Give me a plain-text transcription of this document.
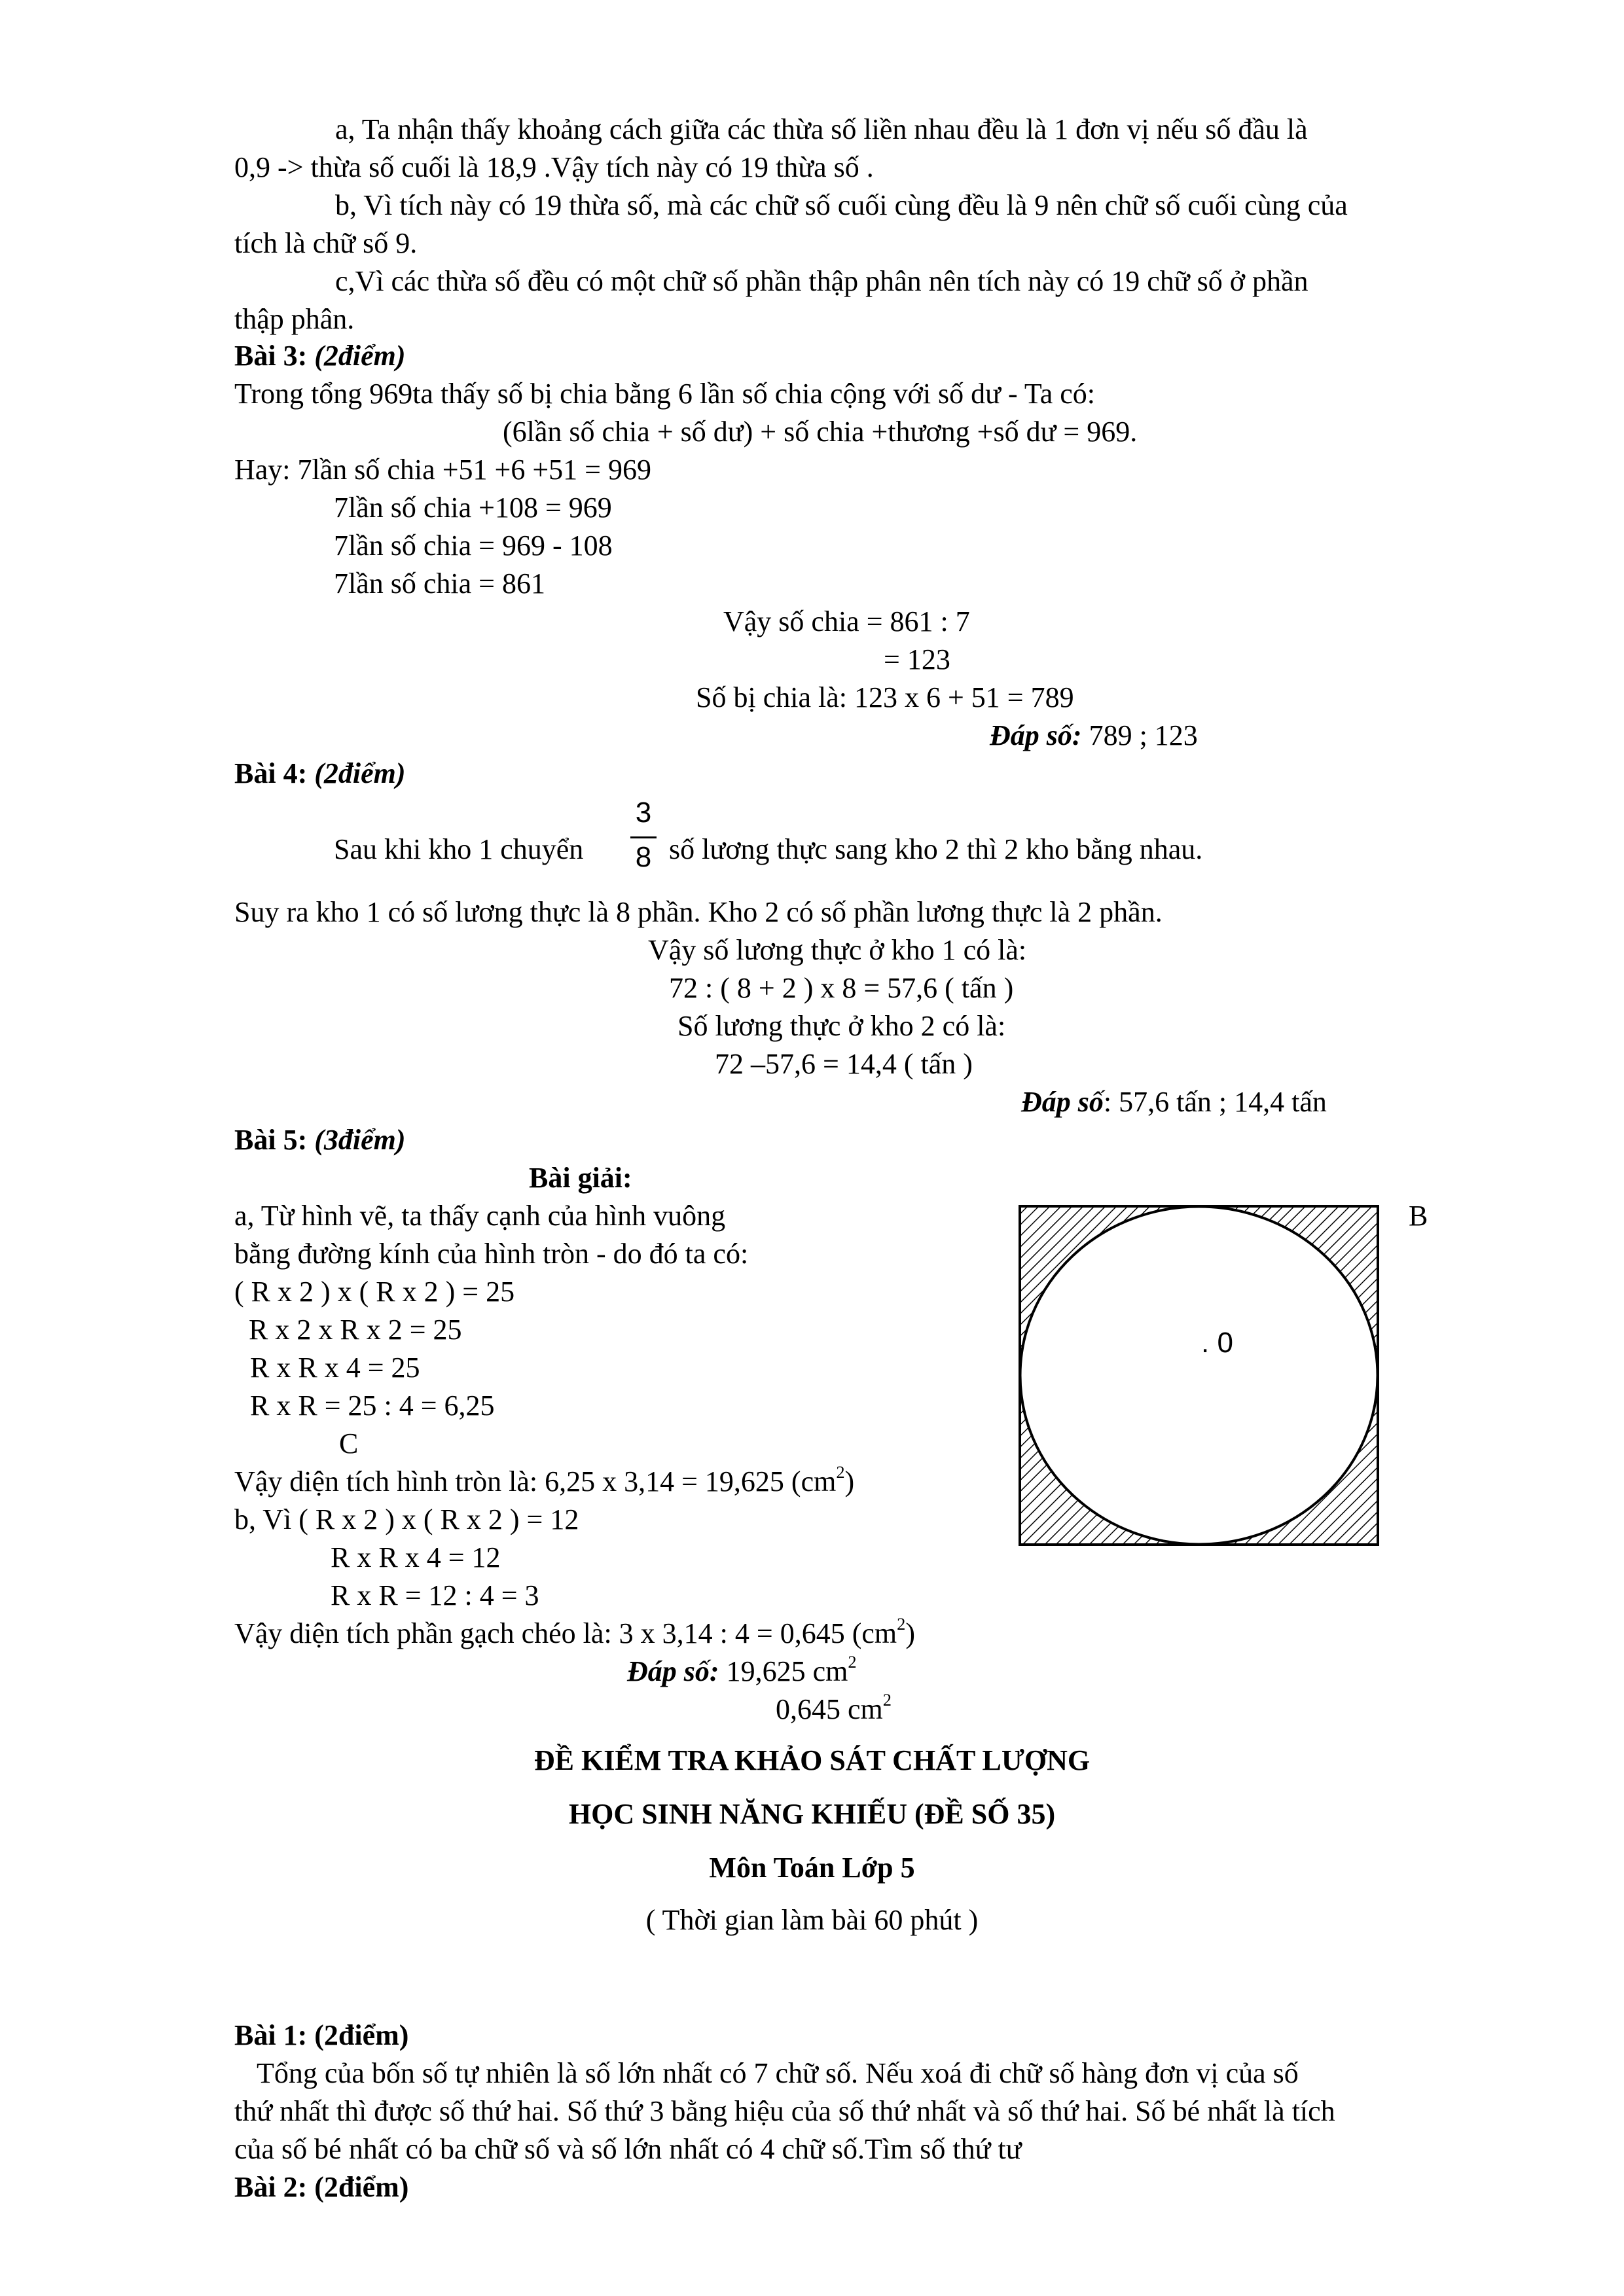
a, Ta nhận thấy khoảng cách giữa các thừa số liền nhau đều là 1 đơn vị nếu số đầu là
0,9 -> thừa số cuối là 18,9 .Vậy tích này có 19 thừa số .
b, Vì tích này có 19 thừa số, mà các chữ số cuối cùng đều là 9 nên chữ số cuối cùng của
tích là chữ số 9.
c,Vì các thừa số đều có một chữ số phần thập phân nên tích này có 19 chữ số ở phần
thập phân.
Bài 3: (2điểm)
Trong tổng 969ta thấy số bị chia bằng 6 lần số chia cộng với số dư - Ta có:
(6lần số chia + số dư) + số chia +thương +số dư = 969.
Hay: 7lần số chia +51 +6 +51 = 969
7lần số chia +108 = 969
7lần số chia = 969 - 108
7lần số chia = 861
Vậy số chia = 861 : 7
= 123
Số bị chia là: 123 x 6 + 51 = 789
Đáp số: 789 ; 123
Bài 4: (2điểm)
Sau khi kho 1 chuyển
3
8 số lương thực sang kho 2 thì 2 kho bằng nhau.
Suy ra kho 1 có số lương thực là 8 phần. Kho 2 có số phần lương thực là 2 phần.
Vậy số lương thực ở kho 1 có là:
72 : ( 8 + 2 ) x 8 = 57,6 ( tấn )
Số lương thực ở kho 2 có là:
72 –57,6 = 14,4 ( tấn )
Đáp số: 57,6 tấn ; 14,4 tấn
Bài 5: (3điểm)
Bài giải:
a, Từ hình vẽ, ta thấy cạnh của hình vuông
bằng đường kính của hình tròn - do đó ta có:
( R x 2 ) x ( R x 2 ) = 25
R x 2 x R x 2 = 25
R x R x 4 = 25
R x R = 25 : 4 = 6,25
C
Vậy diện tích hình tròn là: 6,25 x 3,14 = 19,625 $(cm^2)$
b, Vì ( R x 2 ) x ( R x 2 ) = 12
R x R x 4 = 12
R x R = 12 : 4 = 3
Vậy diện tích phần gạch chéo là: 3 x 3,14 : 4 = 0,645 $(cm^2)$
Đáp số: 19,625 $cm^2$
0,645 $cm^2$
B
. 0
ĐỀ KIỂM TRA KHẢO SÁT CHẤT LƯỢNG
HỌC SINH NĂNG KHIẾU (ĐỀ SỐ 35)
Môn Toán Lớp 5
( Thời gian làm bài 60 phút )
Bài 1: (2điểm)
Tổng của bốn số tự nhiên là số lớn nhất có 7 chữ số. Nếu xoá đi chữ số hàng đơn vị của số
thứ nhất thì được số thứ hai. Số thứ 3 bằng hiệu của số thứ nhất và số thứ hai. Số bé nhất là tích
của số bé nhất có ba chữ số và số lớn nhất có 4 chữ số.Tìm số thứ tư
Bài 2: (2điểm)
